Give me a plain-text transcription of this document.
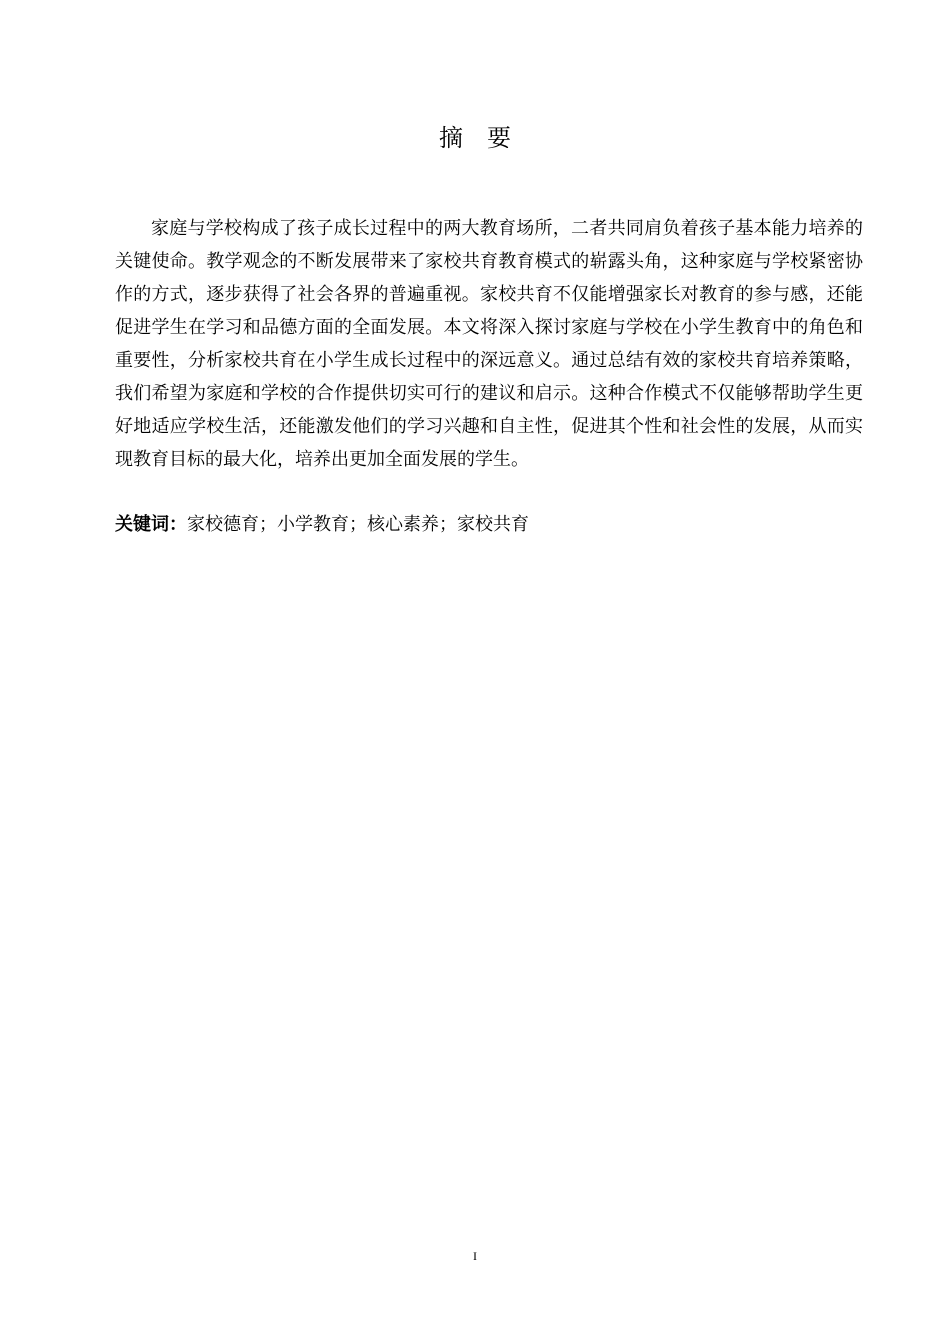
摘要

家庭与学校构成了孩子成长过程中的两大教育场所，二者共同肩负着孩子基本能力培养的关键使命。教学观念的不断发展带来了家校共育教育模式的崭露头角，这种家庭与学校紧密协作的方式，逐步获得了社会各界的普遍重视。家校共育不仅能增强家长对教育的参与感，还能促进学生在学习和品德方面的全面发展。本文将深入探讨家庭与学校在小学生教育中的角色和重要性，分析家校共育在小学生成长过程中的深远意义。通过总结有效的家校共育培养策略，我们希望为家庭和学校的合作提供切实可行的建议和启示。这种合作模式不仅能够帮助学生更好地适应学校生活，还能激发他们的学习兴趣和自主性，促进其个性和社会性的发展，从而实现教育目标的最大化，培养出更加全面发展的学生。

关键词：家校德育；小学教育；核心素养；家校共育

I
